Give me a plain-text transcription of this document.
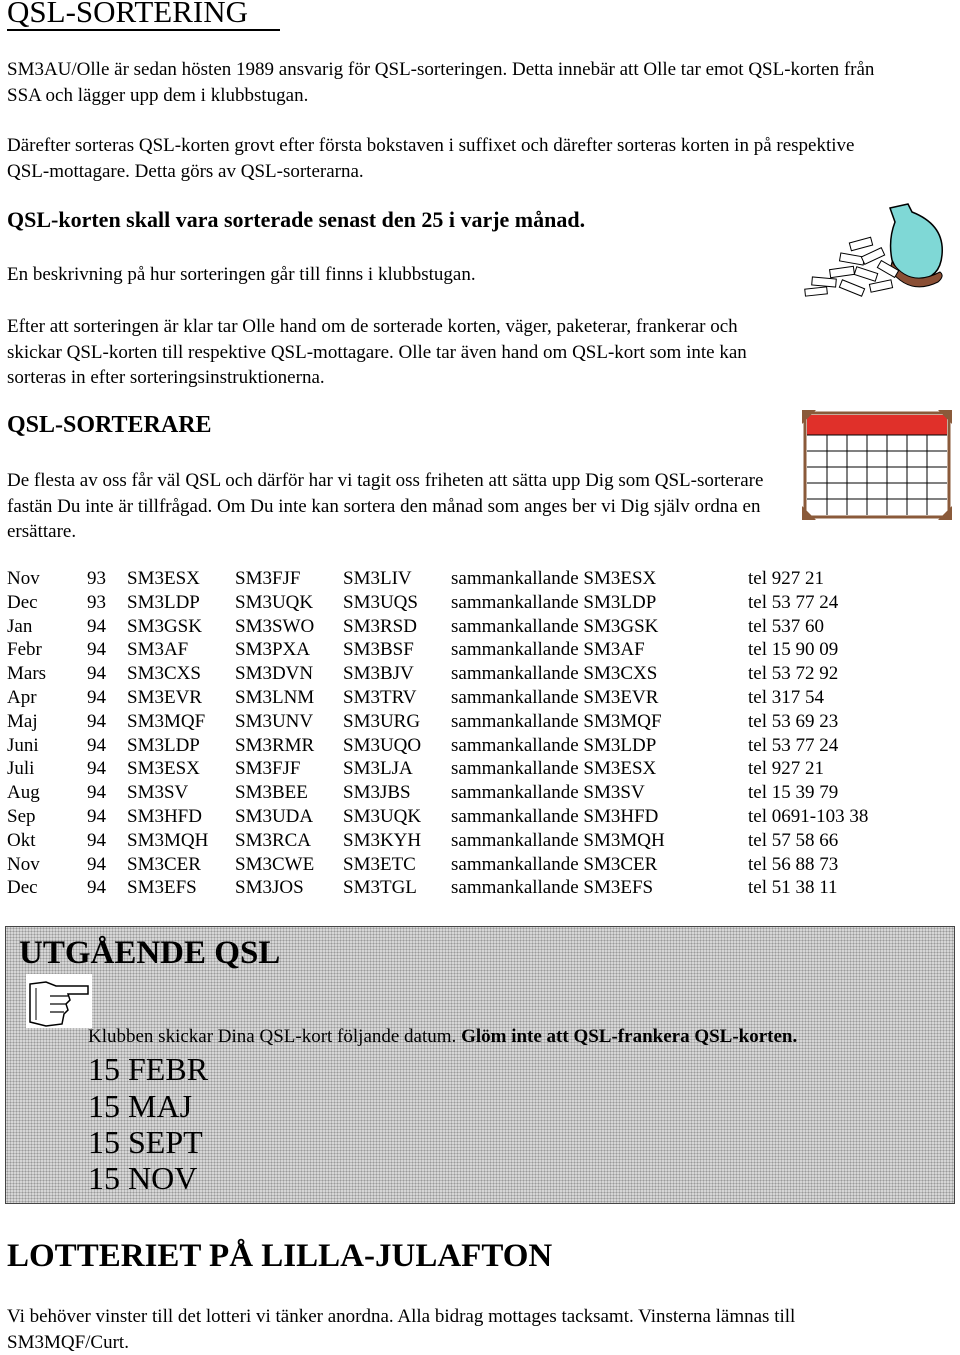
QSL-SORTERING

SM3AU/Olle är sedan hösten 1989 ansvarig för QSL-sorteringen. Detta innebär att Olle tar emot QSL-korten från SSA och lägger upp dem i klubbstugan.

Därefter sorteras QSL-korten grovt efter första bokstaven i suffixet och därefter sorteras korten in på respektive QSL-mottagare. Detta görs av QSL-sorterarna.

QSL-korten skall vara sorterade senast den 25 i varje månad.

En beskrivning på hur sorteringen går till finns i klubbstugan.

Efter att sorteringen är klar tar Olle hand om de sorterade korten, väger, paketerar, frankerar och skickar QSL-korten till respektive QSL-mottagare. Olle tar även hand om QSL-kort som inte kan sorteras in efter sorteringsinstruktionerna.

QSL-SORTERARE

De flesta av oss får väl QSL och därför har vi tagit oss friheten att sätta upp Dig som QSL-sorterare fastän Du inte är tillfrågad. Om Du inte kan sortera den månad som anges ber vi Dig själv ordna en ersättare.

Nov	93	SM3ESX	SM3FJF	SM3LIV	sammankallande SM3ESX	tel 927 21
Dec	93	SM3LDP	SM3UQK	SM3UQS	sammankallande SM3LDP	tel 53 77 24
Jan	94	SM3GSK	SM3SWO	SM3RSD	sammankallande SM3GSK	tel 537 60
Febr	94	SM3AF	SM3PXA	SM3BSF	sammankallande SM3AF	tel 15 90 09
Mars	94	SM3CXS	SM3DVN	SM3BJV	sammankallande SM3CXS	tel 53 72 92
Apr	94	SM3EVR	SM3LNM	SM3TRV	sammankallande SM3EVR	tel 317 54
Maj	94	SM3MQF	SM3UNV	SM3URG	sammankallande SM3MQF	tel 53 69 23
Juni	94	SM3LDP	SM3RMR	SM3UQO	sammankallande SM3LDP	tel 53 77 24
Juli	94	SM3ESX	SM3FJF	SM3LJA	sammankallande SM3ESX	tel 927 21
Aug	94	SM3SV	SM3BEE	SM3JBS	sammankallande SM3SV	tel 15 39 79
Sep	94	SM3HFD	SM3UDA	SM3UQK	sammankallande SM3HFD	tel 0691-103 38
Okt	94	SM3MQH	SM3RCA	SM3KYH	sammankallande SM3MQH	tel 57 58 66
Nov	94	SM3CER	SM3CWE	SM3ETC	sammankallande SM3CER	tel 56 88 73
Dec	94	SM3EFS	SM3JOS	SM3TGL	sammankallande SM3EFS	tel 51 38 11
UTGÅENDE QSL

Klubben skickar Dina QSL-kort följande datum. Glöm inte att QSL-frankera QSL-korten.

15 FEBR
15 MAJ
15 SEPT
15 NOV
LOTTERIET PÅ LILLA-JULAFTON

Vi behöver vinster till det lotteri vi tänker anordna. Alla bidrag mottages tacksamt. Vinsterna lämnas till SM3MQF/Curt.
